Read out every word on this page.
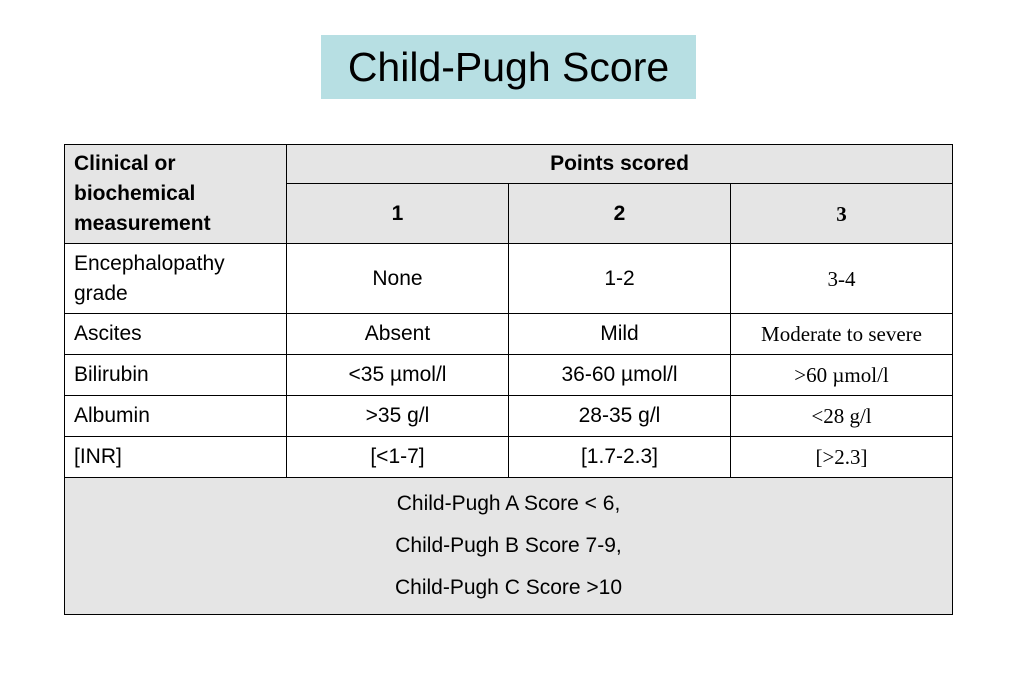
Child-Pugh Score
Clinical or biochemical measurement	Points scored		
	1	2	3
Encephalopathy grade	None	1-2	3-4
Ascites	Absent	Mild	Moderate to severe
Bilirubin	<35 µmol/l	36-60 µmol/l	>60 µmol/l
Albumin	>35 g/l	28-35 g/l	<28 g/l
[INR]	[<1-7]	[1.7-2.3]	[>2.3]

Child-Pugh A Score < 6,
Child-Pugh B Score 7-9,
Child-Pugh C Score >10			
